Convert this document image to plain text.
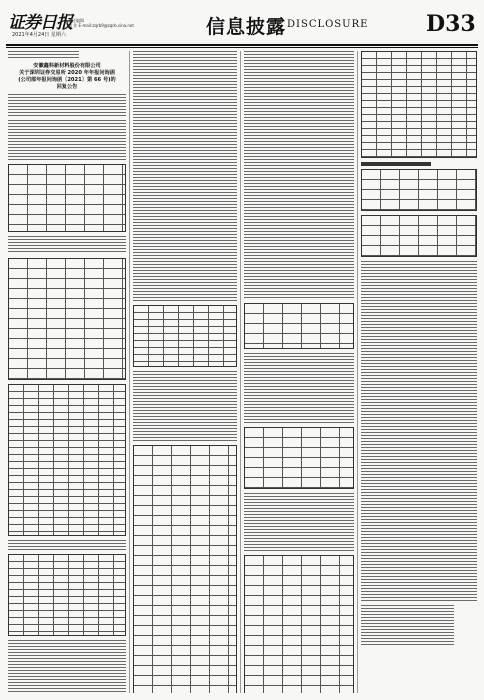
证券日报
2021年4月24日 星期六
责任编辑
制 作 E-mail:zqrb9@zqrb.sina.net	信息披露 DISCLOSURE	D33
安徽鑫科新材料股份有限公司
关于深圳证券交易所 2020 年年报问询函
(公司部年报问询函〔2021〕第 66 号)的
回复公告
